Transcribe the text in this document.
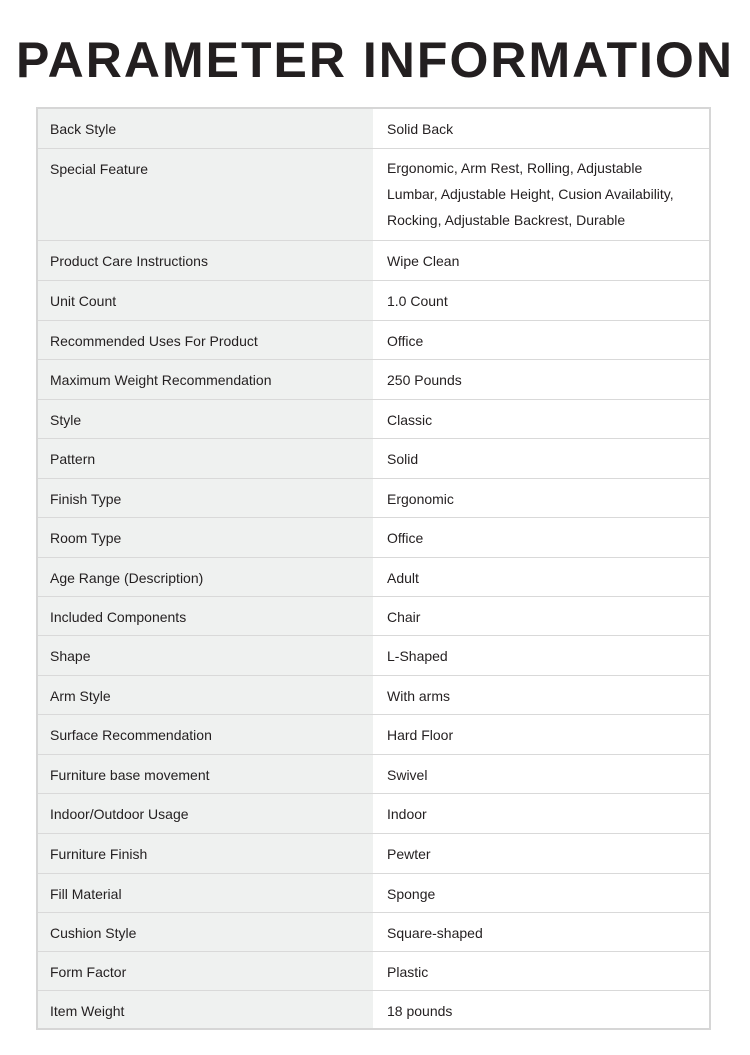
PARAMETER INFORMATION
Back Style	Solid Back
Special Feature	Ergonomic, Arm Rest, Rolling, Adjustable Lumbar, Adjustable Height, Cusion Availability, Rocking, Adjustable Backrest, Durable
Product Care Instructions	Wipe Clean
Unit Count	1.0 Count
Recommended Uses For Product	Office
Maximum Weight Recommendation	250 Pounds
Style	Classic
Pattern	Solid
Finish Type	Ergonomic
Room Type	Office
Age Range (Description)	Adult
Included Components	Chair
Shape	L-Shaped
Arm Style	With arms
Surface Recommendation	Hard Floor
Furniture base movement	Swivel
Indoor/Outdoor Usage	Indoor
Furniture Finish	Pewter
Fill Material	Sponge
Cushion Style	Square-shaped
Form Factor	Plastic
Item Weight	18 pounds
